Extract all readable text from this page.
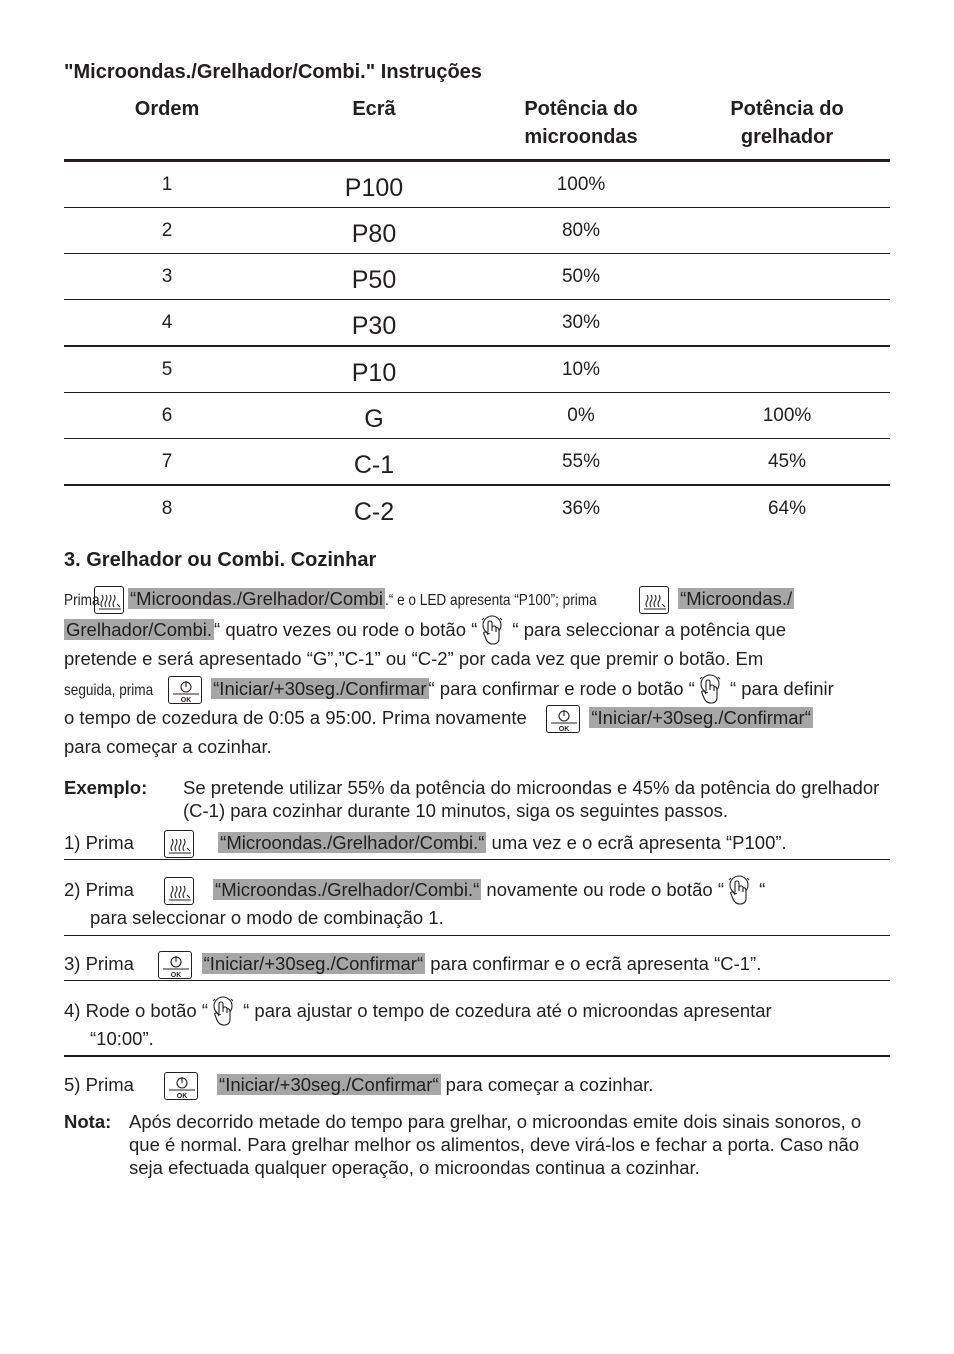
"Microondas./Grelhador/Combi." Instruções
Ordem	Ecrã	Potência do microondas	Potência do grelhador

1	P100	100%	

2	P80	80%	

3	P50	50%	

4	P30	30%	

5	P10	10%	

6	G	0%	100%

7	C-1	55%	45%

8	C-2	36%	64%
3. Grelhador ou Combi. Cozinhar
Prima “Microondas./Grelhador/Combi .“ e o LED apresenta “P100”; prima	“Microondas./
Grelhador/Combi. “ quatro vezes ou rode o botão “ “ para seleccionar a potência que
pretende e será apresentado “G”,”C-1” ou “C-2” por cada vez que premir o botão. Em
seguida, prima	“Iniciar/+30seg./Confirmar “ para confirmar e rode o botão “ “ para definir
o tempo de cozedura de 0:05 a 95:00. Prima novamente	“Iniciar/+30seg./Confirmar“
para começar a cozinhar.
Exemplo: Se pretende utilizar 55% da potência do microondas e 45% da potência do grelhador (C-1) para cozinhar durante 10 minutos, siga os seguintes passos.
1) Prima	“Microondas./Grelhador/Combi.“ uma vez e o ecrã apresenta “P100”.
2) Prima	“Microondas./Grelhador/Combi.“ novamente ou rode o botão “ “
para seleccionar o modo de combinação 1.
3) Prima	“Iniciar/+30seg./Confirmar“ para confirmar e o ecrã apresenta “C-1”.
4) Rode o botão “ “ para ajustar o tempo de cozedura até o microondas apresentar
“10:00”.
5) Prima	“Iniciar/+30seg./Confirmar“ para começar a cozinhar.
Nota: Após decorrido metade do tempo para grelhar, o microondas emite dois sinais sonoros, o que é normal. Para grelhar melhor os alimentos, deve virá-los e fechar a porta. Caso não seja efectuada qualquer operação, o microondas continua a cozinhar.
